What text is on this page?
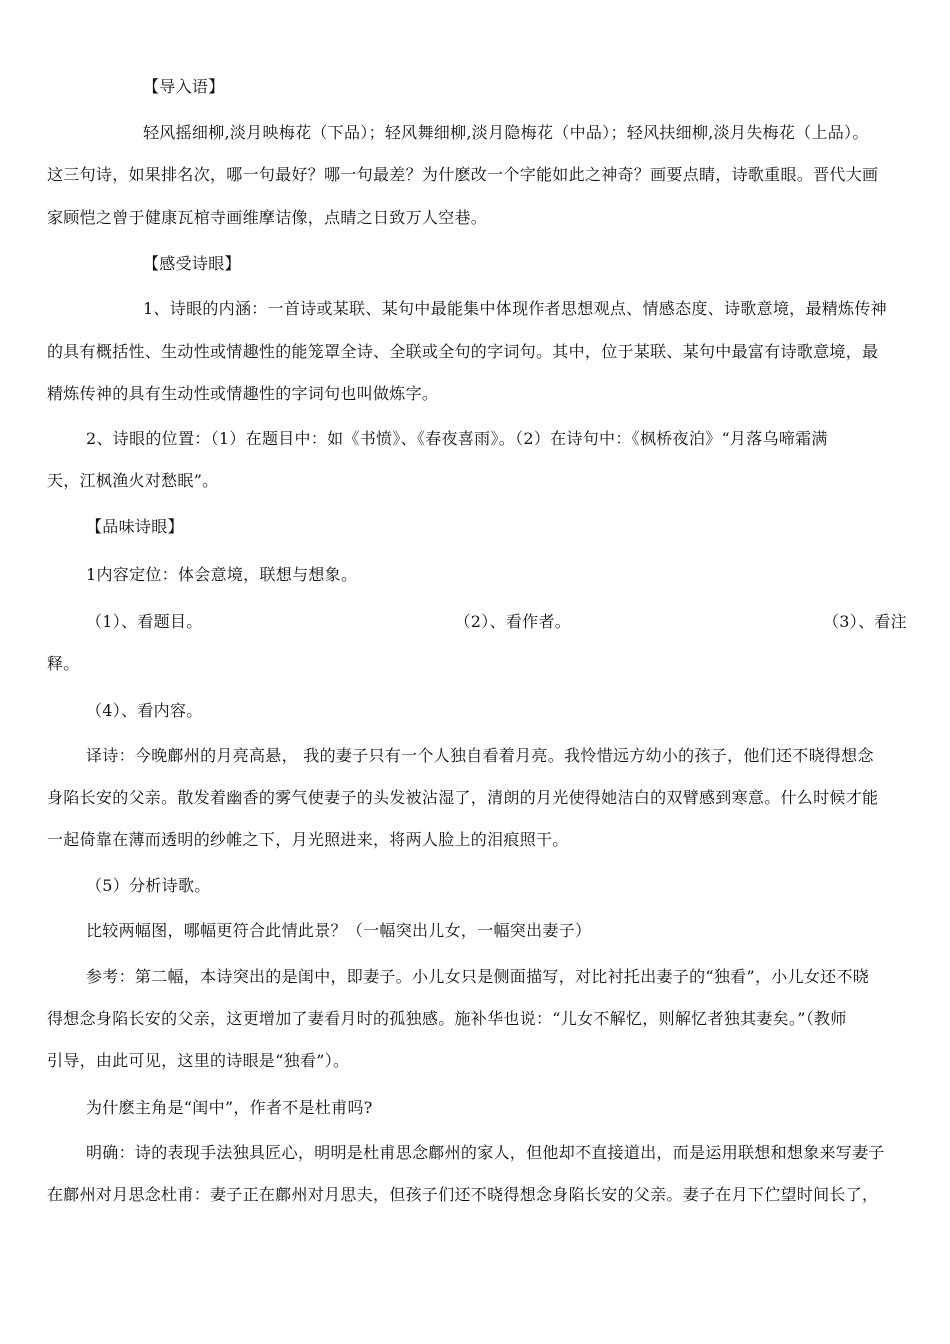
【导入语】
轻风摇细柳,淡月映梅花（下品）；轻风舞细柳,淡月隐梅花（中品）；轻风扶细柳,淡月失梅花（上品）。
这三句诗，如果排名次，哪一句最好？哪一句最差？为什麽改一个字能如此之神奇？画要点睛，诗歌重眼。晋代大画
家顾恺之曾于健康瓦棺寺画维摩诘像，点睛之日致万人空巷。
【感受诗眼】
1、诗眼的内涵：一首诗或某联、某句中最能集中体现作者思想观点、情感态度、诗歌意境，最精炼传神
的具有概括性、生动性或情趣性的能笼罩全诗、全联或全句的字词句。其中，位于某联、某句中最富有诗歌意境，最
精炼传神的具有生动性或情趣性的字词句也叫做炼字。
2、诗眼的位置：（1）在题目中：如《书愤》、《春夜喜雨》。（2）在诗句中：《枫桥夜泊》“月落乌啼霜满
天，江枫渔火对愁眠”。
【品味诗眼】
1内容定位：体会意境，联想与想象。
（1）、看题目。	（2）、看作者。	（3）、看注
释。
（4）、看内容。
译诗：今晚鄜州的月亮高悬， 我的妻子只有一个人独自看着月亮。我怜惜远方幼小的孩子，他们还不晓得想念
身陷长安的父亲。散发着幽香的雾气使妻子的头发被沾湿了，清朗的月光使得她洁白的双臂感到寒意。什么时候才能
一起倚靠在薄而透明的纱帷之下，月光照进来，将两人脸上的泪痕照干。
（5）分析诗歌。
比较两幅图，哪幅更符合此情此景？（一幅突出儿女，一幅突出妻子）
参考：第二幅，本诗突出的是闺中，即妻子。小儿女只是侧面描写，对比衬托出妻子的“独看”，小儿女还不晓
得想念身陷长安的父亲，这更增加了妻看月时的孤独感。施补华也说：“儿女不解忆，则解忆者独其妻矣。”（教师
引导，由此可见，这里的诗眼是“独看”）。
为什麽主角是“闺中”，作者不是杜甫吗?
明确：诗的表现手法独具匠心，明明是杜甫思念鄜州的家人，但他却不直接道出，而是运用联想和想象来写妻子
在鄜州对月思念杜甫：妻子正在鄜州对月思夫，但孩子们还不晓得想念身陷长安的父亲。妻子在月下伫望时间长了，
